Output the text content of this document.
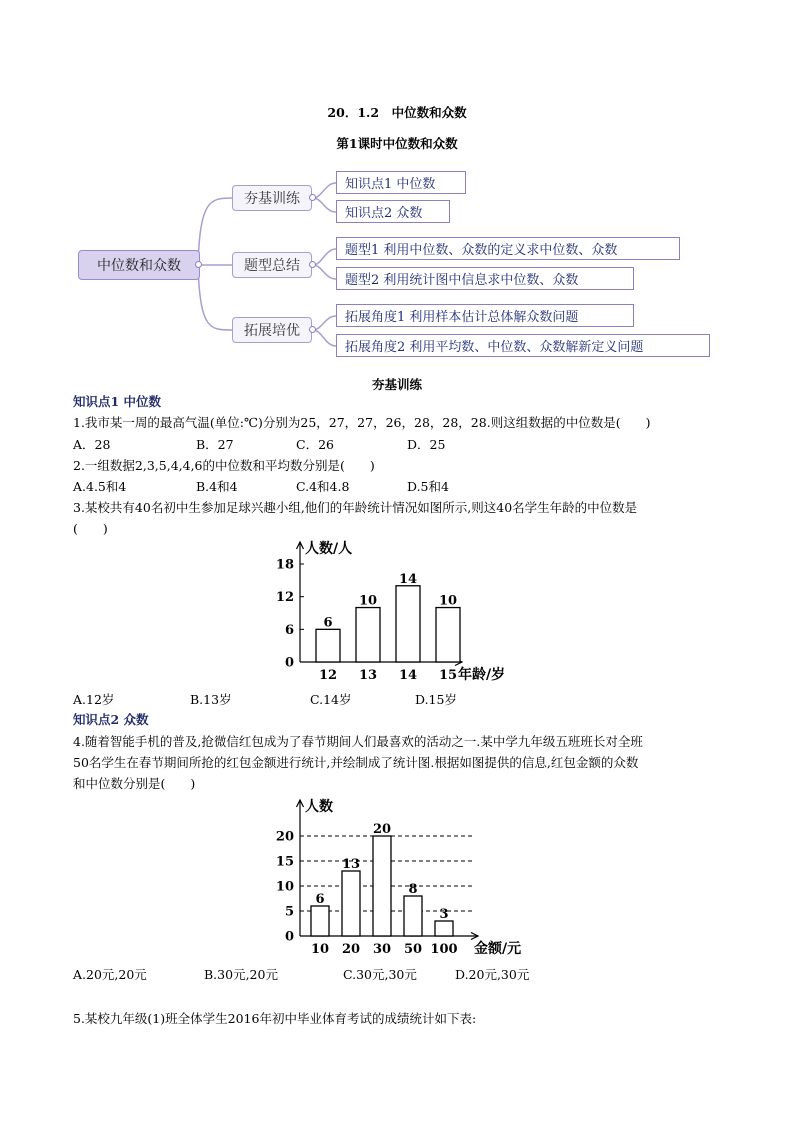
20．1.2　中位数和众数
第1课时中位数和众数
中位数和众数
夯基训练
题型总结
拓展培优
知识点1 中位数
知识点2 众数
题型1 利用中位数、众数的定义求中位数、众数
题型2 利用统计图中信息求中位数、众数
拓展角度1 利用样本估计总体解众数问题
拓展角度2 利用平均数、中位数、众数解新定义问题
夯基训练
知识点1 中位数
1.我市某一周的最高气温(单位:℃)分别为25，27，27，26，28，28，28.则这组数据的中位数是(　　)
A．28	B．27	C．26	D．25
2.一组数据2,3,5,4,4,6的中位数和平均数分别是(　　)
A.4.5和4	B.4和4	C.4和4.8	D.5和4
3.某校共有40名初中生参加足球兴趣小组,他们的年龄统计情况如图所示,则这40名学生年龄的中位数是
(　　)
0
6
12
18
6
12
10
13
14
14
10
15
人数/人
年龄/岁
A.12岁	B.13岁	C.14岁	D.15岁
知识点2 众数
4.随着智能手机的普及,抢微信红包成为了春节期间人们最喜欢的活动之一.某中学九年级五班班长对全班
50名学生在春节期间所抢的红包金额进行统计,并绘制成了统计图.根据如图提供的信息,红包金额的众数
和中位数分别是(　　)
0
5
10
15
20
6
10
13
20
20
30
8
50
3
100
人数
金额/元
A.20元,20元	B.30元,20元	C.30元,30元	D.20元,30元
5.某校九年级(1)班全体学生2016年初中毕业体育考试的成绩统计如下表:
